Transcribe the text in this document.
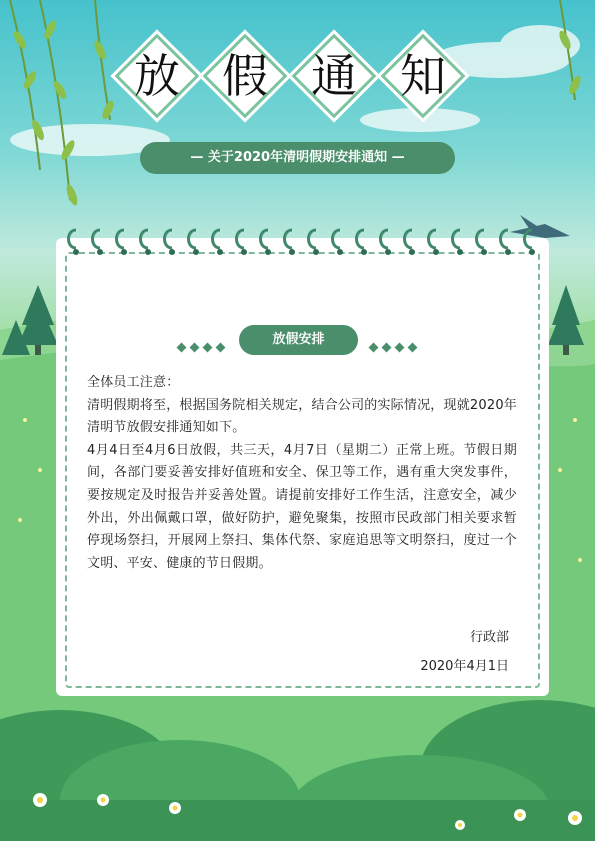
放 假 通 知
— 关于2020年清明假期安排通知 —
放假安排

全体员工注意：

清明假期将至，根据国务院相关规定，结合公司的实际情况，现就2020年清明节放假安排通知如下。

4月4日至4月6日放假，共三天，4月7日（星期二）正常上班。节假日期间，各部门要妥善安排好值班和安全、保卫等工作，遇有重大突发事件，要按规定及时报告并妥善处置。请提前安排好工作生活，注意安全，减少外出，外出佩戴口罩，做好防护，避免聚集，按照市民政部门相关要求暂停现场祭扫，开展网上祭扫、集体代祭、家庭追思等文明祭扫，度过一个文明、平安、健康的节日假期。

行政部
2020年4月1日
